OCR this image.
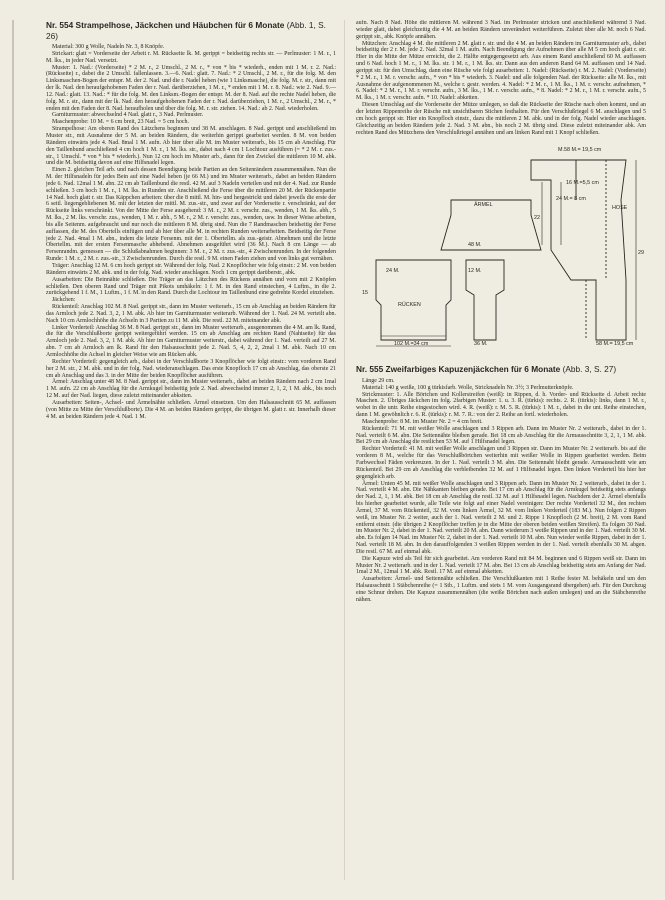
Nr. 554 Strampelhose, Jäckchen und Häubchen für 6 Monate (Abb. 1, S. 26)

Material: 300 g Wolle, Nadeln Nr. 3, 8 Knöpfe.

Strickart: glatt = Vorderseite der Arbeit r. M. Rückseite lk. M. gerippt = beidseitig rechts str. — Perlmuster: 1 M. r., 1 M. lks., in jeder Nad. versetzt.

Muster: 1. Nad.: (Vorderseite) * 2 M. r., 2 Umschl., 2 M. r., * von * bis * wiederh., enden mit 1 M. r. 2. Nad.: (Rückseite) r., dabei die 2 Umschl. fallenlassen. 3.—6. Nad.: glatt. 7. Nad.: * 2 Umschl., 2 M. r., für die folg. M. den Linksmaschen-Bogen der entspr. M. der 2. Nad. und die r. Nadel heben (wie 1 Linksmasche), die folg. M. r. str., dann mit der lk. Nad. den heraufgehobenen Faden der r. Nad. darüberziehen, 1 M. r., * enden mit 1 M. r. 8. Nad.: wie 2. Nad. 9.—12. Nad.: glatt. 13. Nad.: * für die folg. M. den Linksm.-Bogen der entspr. M. der 8. Nad. auf die rechte Nadel heben, die folg. M. r. str., dann mit der lk. Nad. den heraufgehobenen Faden der r. Nad. darüberziehen, 1 M. r., 2 Umschl., 2 M. r., * enden mit den Faden der 8. Nad. heraufholen und über die folg. M. r. str. ziehen. 14. Nad.: ab 2. Nad. wiederholen.

Garniturmuster: abwechselnd 4 Nad. glatt r., 3 Nad. Perlmuster.

Maschenprobe: 10 M. = 6 cm breit, 23 Nad. = 5 cm hoch.

Strampelhose: Am oberen Rand des Lätzchens beginnen und 38 M. anschlagen. 8 Nad. gerippt und anschließend im Muster str., mit Ausnahme der 5 M. an beiden Rändern, die weiterhin gerippt gearbeitet werden. 8 M. von beiden Rändern einwärts jede 4. Nad. 8mal 1 M. aufn. Ab hier über alle M. im Muster weiterarb., bis 15 cm ab Anschlag. Für den Taillenbund anschließend 4 cm hoch 1 M. r., 1 M. lks. str., dabei nach 4 cm 1 Lochtour ausführen (= * 2 M. r. zus.-str., 1 Umschl. * von * bis * wiederh.). Nun 12 cm hoch im Muster arb., dann für den Zwickel die mittleren 10 M. abk. und die M. beidseitig davon auf eine Hilfsnadel legen.

Einen 2. gleichen Teil arb. und nach dessen Beendigung beide Partien an den Seitenrändern zusammennähen. Nun die M. der Hilfsnadeln für jedes Bein auf eine Nadel heben (je 66 M.) und im Muster weiterarb., dabei an beiden Rändern jede 6. Nad. 12mal 1 M. abn. 22 cm ab Taillenbund die restl. 42 M. auf 3 Nadeln verteilen und mit der 4. Nad. zur Runde schließen. 3 cm hoch 1 M. r., 1 M. lks. in Runden str. Anschließend die Ferse über die mittleren 20 M. der Rückenpartie 14 Nad. hoch glatt r. str. Das Käppchen arbeiten: über die 8 mittl. M. hin- und hergestrickt und dabei jeweils die erste der 6 seitl. liegengebliebenen M. mit der letzten der mittl. M. zus.-str., und zwar auf der Vorderseite r. verschränkt, auf der Rückseite links verschränkt. Von der Mitte der Ferse ausgehend: 3 M. r., 2 M. r. verschr. zus., wenden, 1 M. lks. abh., 5 M. lks., 2 M. lks. verschr. zus., wenden, 1 M. r. abh., 5 M. r., 2 M. r. verschr. zus., wenden, usw. In dieser Weise arbeiten, bis alle Seitenm. aufgebraucht und nur noch die mittleren 8 M. übrig sind. Nun die 7 Randmaschen beidseitig der Ferse auffassen, die M. des Obertells einfügen und ab hier über alle M. in rechten Runden weiterarbeiten. Beidseitig der Ferse jede 2. Nad. 4mal 1 M. abn., indem die letzte Fersenm. mit der 1. Obertellm. als zus.-geistr. Abnehmen und die letzte Obertellm. mit der ersten Fersenmasche abhebend. Abnehmen ausgeführt wird (36 M.). Nach 8 cm Länge — ab Fersenrandm. gemessen — die Schlußabnahmen beginnen: 3 M. r., 2 M. r. zus.-str., 4 Zwischenrunden. In der folgenden Runde: 1 M. r., 2 M. r. zus.-str., 3 Zwischenrunden. Durch die restl. 9 M. einen Faden ziehen und von links gut vernähen.

Träger: Anschlag 12 M. 6 cm hoch gerippt str. Während der folg. Nad. 2 Knopflöcher wie folg einstr.: 2 M. von beiden Rändern einwärts 2 M. abk. und in der folg. Nad. wieder anschlagen. Noch 1 cm gerippt darüberstr., abk.

Ausarbeiten: Die Beinnähte schließen. Die Träger an das Lätzchen des Rückens annähen und vorn mit 2 Knöpfen schließen. Den oberen Rand und Träger mit Pikots umhäkeln: 1 f. M. in den Rand einstechen, 4 Luftm., in die 2. zurückgehend 1 f. M., 1 Luftm., 1 f. M. in den Rand. Durch die Lochtour im Taillenbund eine gedrehte Kordel einziehen.

Jäckchen:

Rückenteil: Anschlag 102 M. 8 Nad. gerippt str., dann im Muster weiterarb., 15 cm ab Anschlag an beiden Rändern für das Armloch jede 2. Nad. 3, 2, 1 M. abk. Ab hier im Garniturmuster weiterarb. Während der 1. Nad. 24 M. verteilt abn. Nach 10 cm Armlochhöhe die Achseln in 3 Partien zu 11 M. abk. Die restl. 22 M. miteinander abk.

Linker Vorderteil: Anschlag 36 M. 8 Nad. gerippt str., dann im Muster weiterarb., ausgenommen die 4 M. am lk. Rand, die für die Verschlußborte gerippt weitergeführt werden. 15 cm ab Anschlag am rechten Rand (Nahtseite) für das Armloch jede 2. Nad. 3, 2, 1 M. abk. Ab hier im Garniturmuster weiterstr., dabei während der 1. Nad. verteilt auf 27 M. abn. 7 cm ab Armloch am lk. Rand für den Halsausschnitt jede 2. Nad. 5, 4, 2, 2, 2mal 1 M. abk. Nach 10 cm Armlochhöhe die Achsel in gleicher Weise wie am Rücken abk.

Rechter Vorderteil: gegengleich arb., dabei in der Verschlußborte 3 Knopflöcher wie folgt einstr.: vom vorderen Rand her 2 M. str., 2 M. abk. und in der folg. Nad. wiederanschlagen. Das erste Knopfloch 17 cm ab Anschlag, das oberste 21 cm ab Anschlag und das 3. in der Mitte der beiden Knopflöcher ausführen.

Ärmel: Anschlag unter 48 M. 8 Nad. gerippt str., dann im Muster weiterarb., dabei an beiden Rändern nach 2 cm 1mal 1 M. aufn. 22 cm ab Anschlag für die Armkugel beidseitig jede 2. Nad. abwechselnd immer 2, 1, 2, 1 M. abk., bis noch 12 M. auf der Nad. liegen, diese zuletzt miteinander abkstten.

Ausarbeiten: Seiten-, Achsel- und Ärmelnähte schließen. Ärmel einsetzen. Um den Halsausschnitt 65 M. auffassen (von Mitte zu Mitte der Verschlußborte). Die 4 M. an beiden Rändern gerippt, die übrigen M. glatt r. str. Innerhalb dieser 4 M. an beiden Rändern jede 4. Nad. 1 M.

aufn. Nach 8 Nad. Höhe die mittleren M. während 3 Nad. im Perlmuster stricken und anschließend während 3 Nad. wieder glatt, dabei gleichzeitig die 4 M. an beiden Rändern unverändert weiterführen. Zuletzt über alle M. noch 6 Nad. gerippt str., abk. Knöpfe annähen.

Mützchen: Anschlag 4 M. die mittleren 2 M. glatt r. str. und die 4 M. an beiden Rändern im Garniturmuster arb., dabei beidseitig der 2 r. M. jede 2. Nad. 32mal 1 M. aufn. Nach Beendigung der Aufnehmen über alle M 5 cm hoch glatt r. str. Hier in die Mitte der Mütze erreicht, die 2. Hälfte entgegengesetzt arb. Aus einem Rand anschließend 60 M. auffassen und 6 Nad. hoch 1 M. r., 1 M. lks. str. 1 M. r., 1 M. lks. str. Dann aus den anderen Rand 64 M. auffassen und 14 Nad. gerippt str. für den Umschlag, dann eine Rüsche wie folgt ausarbeiten: 1. Nadel: (Rückseite) r. M. 2. Nadel: (Vorderseite) * 2 M. r., 1 M. r. verschr. aufn., * von * bis * wiederh. 3. Nadel: und alle folgenden Nad. der Rückseite: alle M. lks., mit Ausnahme der aufgenommenen M., welche r. gestr. werden. 4. Nadel: * 2 M. r., 1 M. lks., 1 M. r. verschr. aufnehmen, * 6. Nadel: * 2 M. r., 1 M. r. verschr. aufn., 3 M. lks., 1 M. r. verschr. aufn., * 8. Nadel: * 2 M. r., 1 M. r. verschr. aufn., 5 M. lks., 1 M. r. verschr. aufn. * 10. Nadel: abketten.

Diesen Umschlag auf die Vorderseite der Mütze umlegen, so daß die Rückseite der Rüsche nach oben kommt, und an der letzten Rippenreihe der Rüsche mit unsichtbaren Stichen festhalten. Für den Verschlußriegel 6 M. anschlagen und 5 cm hoch gerippt str. Hier ein Knopfloch einstr., dazu die mittleren 2 M. abk. und in der folg. Nadel wieder anschlagen. Gleichzeitig an beiden Rändern jede 2. Nad. 3 M. abn., bis noch 2 M. übrig sind. Diese zuletzt miteinander abk. Am rechten Rand des Mützchens den Verschlußriegel annähen und am linken Rand mit 1 Knopf schließen.

M.58 M.= 19,5 cm
16 M.=5,5 cm
24 M.= 8 cm
ÄRMEL
48 M.
HOSE
24 M.	12 M.
RÜCKEN
102 M.=34 cm	36 M.
15
22
29
58 M.= 19,5 cm
Nr. 555 Zweifarbiges Kapuzenjäckchen für 6 Monate (Abb. 3, S. 27)

Länge 29 cm.

Material: 140 g weiße, 100 g türkisfarb. Wolle, Stricknadeln Nr. 3½; 3 Perlmutterknöpfe.

Strickmuster: 1. Alle Börtchen und Kollerstreifen (weiß): in Rippen, d. h. Vorder- und Rückseite d. Arbeit rechte Maschen. 2. Übriges Jäckchen im folg. 2farbigen Muster: 1. u. 3. R. (türkis): rechts. 2. R. (türkis): links, dann 1 M. r., wobei in die untr. Reihe eingestochen wird. 4. R. (weiß): r. M. 5. R. (türkis): 1 M. r., dabei in die unt. Reihe einstechen, dann 1 M. gewöhnlich r. 6. R. (türkis): r. M. 7. R.: von der 2. Reihe an fortl. wiederholen.

Maschenprobe: 8 M. im Muster Nr. 2 = 4 cm breit.

Rückenteil: 71 M. mit weißer Wolle anschlagen und 3 Rippen arb. Dann im Muster Nr. 2 weiterarb., dabei in der 1. Nad. verteilt 6 M. abn. Die Seitennähte bleiben gerade. Bei 18 cm ab Anschlag für die Armausschnitte 3, 2, 1, 1 M. abk. Bei 29 cm ab Anschlag die restlichen 53 M. auf 1 Hilfsnadel legen.

Rechter Vorderteil: 41 M. mit weißer Wolle anschlagen und 3 Rippen str. Dann im Muster Nr. 2 weiterarb. bis auf die vorderen 8 M., welche für das Verschlußbörtchen weiterhin mit weißer Wolle in Rippen gearbeitet werden. Beim Farbwechsel Fäden verkreuzen. In der 1. Nad. verteilt 3 M. abn. Die Seitennaht bleibt gerade. Armausschnitt wie am Rückenteil. Bei 29 cm ab Anschlag die verbleibenden 32 M. auf 1 Hilfsnadel legen. Den linken Vorderteil bis hier her gegengleich arb.

Ärmel: Unten 45 M. mit weißer Wolle anschlagen und 3 Rippen arb. Dann im Muster Nr. 2 weiterarb., dabei in der 1. Nad. verteilt 4 M. abn. Die Nähkanten bleiben gerade. Bei 17 cm ab Anschlag für die Armkugel beidseitig stets anfangs der Nad. 2, 1, 1 M. abk. Bei 18 cm ab Anschlag die restl. 32 M. auf 1 Hilfsnadel legen. Nachdem der 2. Ärmel ebenfalls bis hierher gearbeitet wurde, alle Teile wie folgt auf einer Nadel vereinigen: Der rechte Vorderteil 32 M., den rechten Ärmel, 37 M. vom Rückenteil, 32 M. vom linken Ärmel, 32 M. vom linken Vorderteil (183 M.). Nun folgen 2 Rippen weiß, im Muster Nr. 2 weiter, auch der 1. Nad. verteilt 2 M. und 2. Rippe 1 Knopfloch (2 M. breit), 2 M. vom Rand entfernt einstr. (die übrigen 2 Knopflöcher treffen je in die Mitte der oberen beiden weißen Streifen). Es folgen 30 Nad. im Muster Nr. 2, dabei in der 1. Nad. verteilt 20 M. abn. Dann wiederum 3 weiße Rippen und in der 1. Nad. verteilt 30 M. abn. Es folgen 14 Nad. im Muster Nr. 2, dabei in der 1. Nad. verteilt 10 M. abn. Nun wieder weiße Rippen, dabei in der 1. Nad. verteilt 18 M. abn. In den darauffolgenden 3 weißen Rippen werden in der 1. Nad. verteilt ebenfalls 30 M. abgen. Die restl. 67 M. auf einmal abk.

Die Kapuze wird als Teil für sich gearbeitet. Am vorderen Rand mit 84 M. beginnen und 6 Rippen weiß str. Dann im Muster Nr. 2 weiterarb. und in der 1. Nad. verteilt 17 M. abn. Bei 13 cm ab Anschlag beidseitig stets am Anfang der Nad. 1mal 2 M., 12mal 1 M. abk. Restl. 17 M. auf einmal abketten.

Ausarbeiten: Ärmel- und Seitennähte schließen. Die Verschlußkanten mit 1 Reihe fester M. behäkeln und um den Halsausschnitt 1 Stäbchenreihe (= 1 Stb., 1 Luftm. und stets 1 M. vom Ausgangsrand übergehen) arb. Für den Durchzug eine Schnur drehen. Die Kapuze zusammennähen (die weiße Börtchen nach außen umlegen) und an die Stäbchenreihe nähen.
